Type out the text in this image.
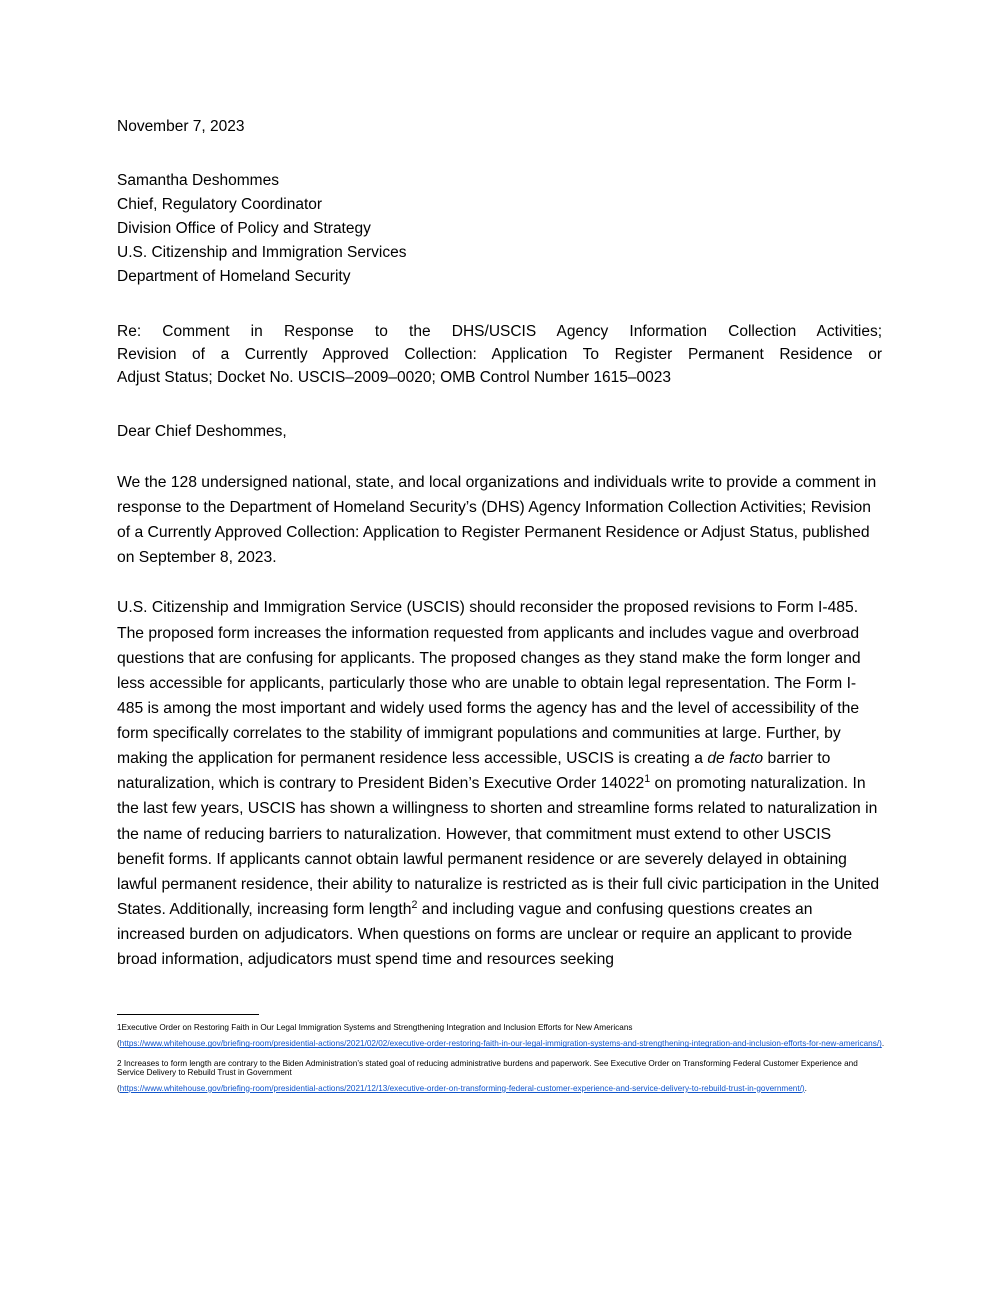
November 7, 2023
Samantha Deshommes
Chief, Regulatory Coordinator
Division Office of Policy and Strategy
U.S. Citizenship and Immigration Services
Department of Homeland Security
Re: Comment in Response to the DHS/USCIS Agency Information Collection Activities;
Revision of a Currently Approved Collection: Application To Register Permanent Residence or
Adjust Status; Docket No. USCIS–2009–0020; OMB Control Number 1615–0023
Dear Chief Deshommes,
We the 128 undersigned national, state, and local organizations and individuals write to provide a comment in response to the Department of Homeland Security’s (DHS) Agency Information Collection Activities; Revision of a Currently Approved Collection: Application to Register Permanent Residence or Adjust Status, published on September 8, 2023.
U.S. Citizenship and Immigration Service (USCIS) should reconsider the proposed revisions to Form I-485. The proposed form increases the information requested from applicants and includes vague and overbroad questions that are confusing for applicants. The proposed changes as they stand make the form longer and less accessible for applicants, particularly those who are unable to obtain legal representation. The Form I-485 is among the most important and widely used forms the agency has and the level of accessibility of the form specifically correlates to the stability of immigrant populations and communities at large. Further, by making the application for permanent residence less accessible, USCIS is creating a de facto barrier to naturalization, which is contrary to President Biden’s Executive Order 14022$^1$ on promoting naturalization. In the last few years, USCIS has shown a willingness to shorten and streamline forms related to naturalization in the name of reducing barriers to naturalization. However, that commitment must extend to other USCIS benefit forms. If applicants cannot obtain lawful permanent residence or are severely delayed in obtaining lawful permanent residence, their ability to naturalize is restricted as is their full civic participation in the United States. Additionally, increasing form length$^2$ and including vague and confusing questions creates an increased burden on adjudicators. When questions on forms are unclear or require an applicant to provide broad information, adjudicators must spend time and resources seeking
1Executive Order on Restoring Faith in Our Legal Immigration Systems and Strengthening Integration and Inclusion Efforts for New Americans
(https://www.whitehouse.gov/briefing-room/presidential-actions/2021/02/02/executive-order-restoring-faith-in-our-legal-immigration-systems-and-strengthening-integration-and-inclusion-efforts-for-new-americans/).
2 Increases to form length are contrary to the Biden Administration’s stated goal of reducing administrative burdens and paperwork. See Executive Order on Transforming Federal Customer Experience and Service Delivery to Rebuild Trust in Government
(https://www.whitehouse.gov/briefing-room/presidential-actions/2021/12/13/executive-order-on-transforming-federal-customer-experience-and-service-delivery-to-rebuild-trust-in-government/).
